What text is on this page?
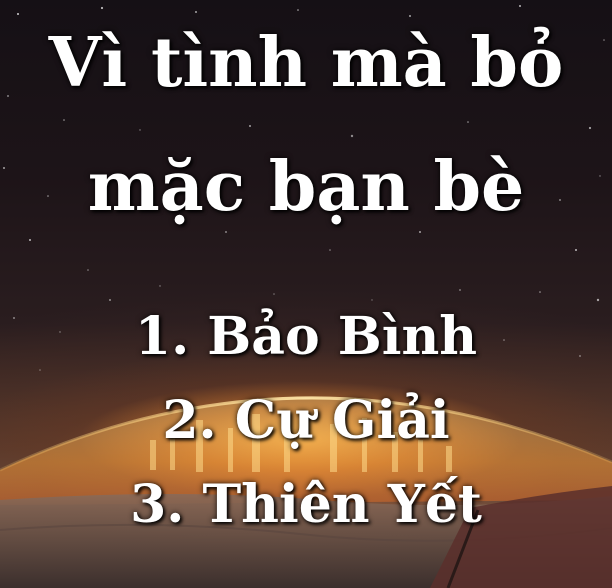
Vì tình mà bỏ
mặc bạn bè

1. Bảo Bình

2. Cự Giải

3. Thiên Yết
